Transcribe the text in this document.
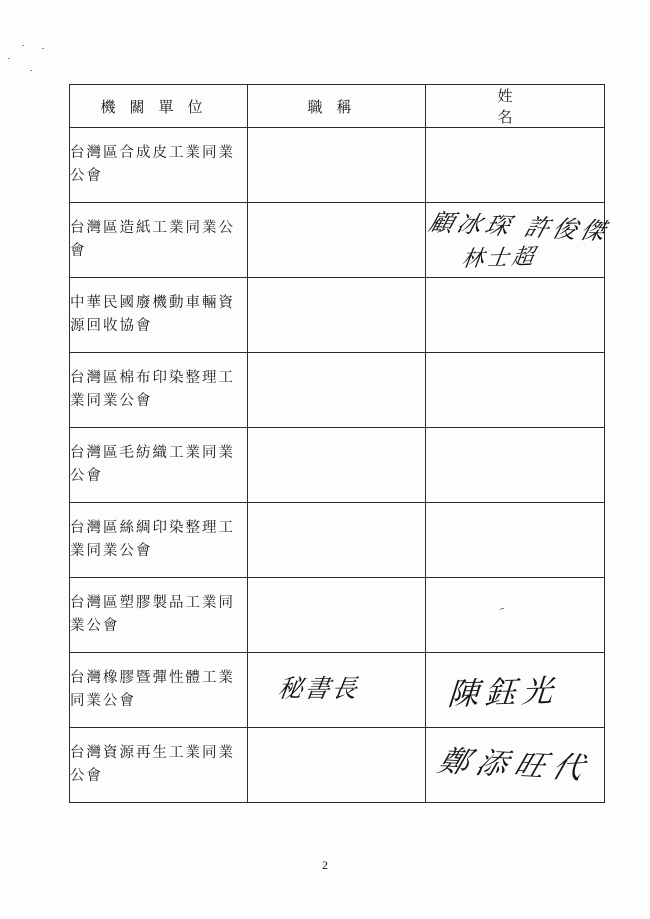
機關單位	職稱	姓名
台灣區合成皮工業同業公會		
台灣區造紙工業同業公會		顧冰琛 許俊傑
林士超

中華民國廢機動車輛資源回收協會		
台灣區棉布印染整理工業同業公會		
台灣區毛紡織工業同業公會		
台灣區絲綢印染整理工業同業公會		
台灣區塑膠製品工業同業公會		

台灣橡膠暨彈性體工業同業公會	秘書長	陳鈺光

台灣資源再生工業同業公會		鄭添旺代
2
